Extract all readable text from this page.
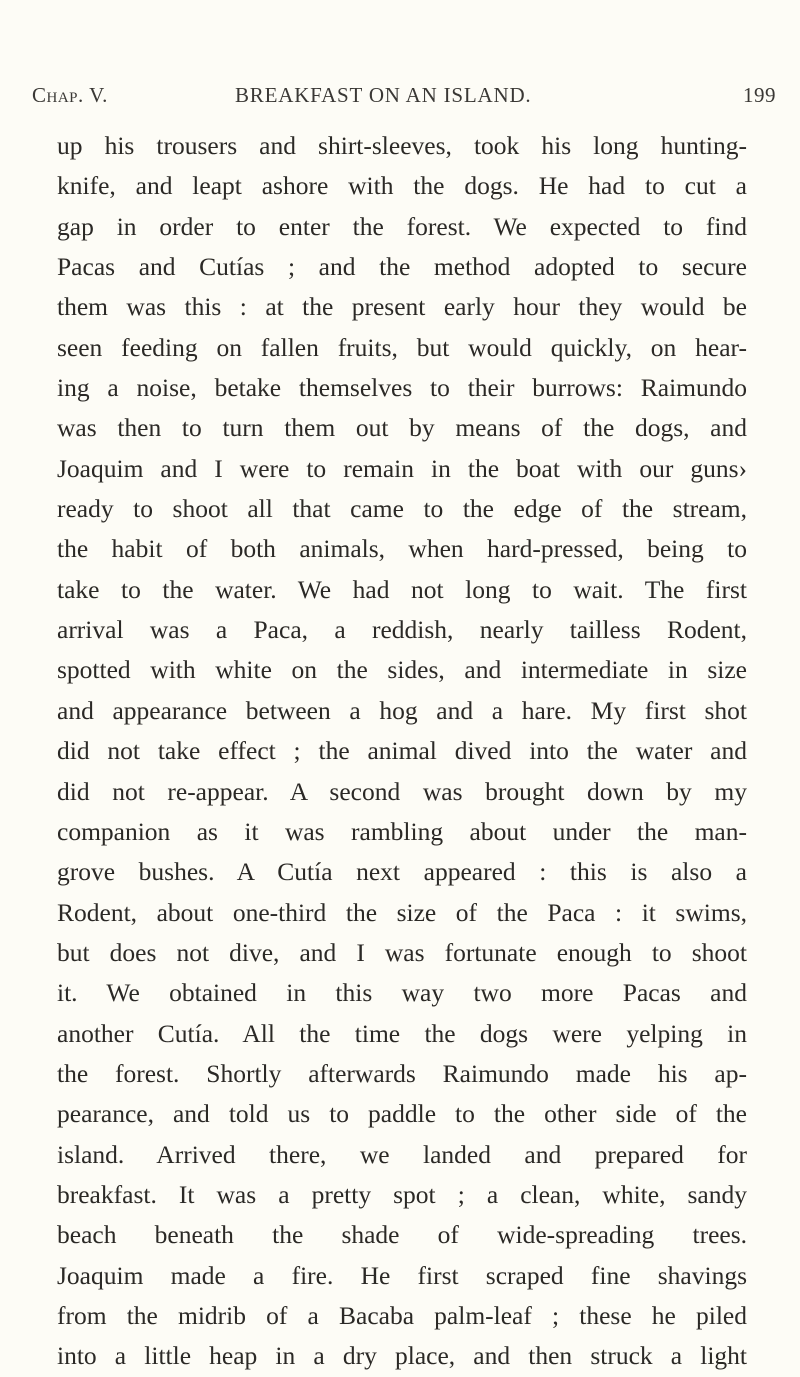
Chap. V.	BREAKFAST ON AN ISLAND.	199
up his trousers and shirt-sleeves, took his long hunting-
knife, and leapt ashore with the dogs. He had to cut a
gap in order to enter the forest. We expected to find
Pacas and Cutías ; and the method adopted to secure
them was this : at the present early hour they would be
seen feeding on fallen fruits, but would quickly, on hear-
ing a noise, betake themselves to their burrows: Raimundo
was then to turn them out by means of the dogs, and
Joaquim and I were to remain in the boat with our guns›
ready to shoot all that came to the edge of the stream,
the habit of both animals, when hard-pressed, being to
take to the water. We had not long to wait. The first
arrival was a Paca, a reddish, nearly tailless Rodent,
spotted with white on the sides, and intermediate in size
and appearance between a hog and a hare. My first shot
did not take effect ; the animal dived into the water and
did not re-appear. A second was brought down by my
companion as it was rambling about under the man-
grove bushes. A Cutía next appeared : this is also a
Rodent, about one-third the size of the Paca : it swims,
but does not dive, and I was fortunate enough to shoot
it. We obtained in this way two more Pacas and
another Cutía. All the time the dogs were yelping in
the forest. Shortly afterwards Raimundo made his ap-
pearance, and told us to paddle to the other side of the
island. Arrived there, we landed and prepared for
breakfast. It was a pretty spot ; a clean, white, sandy
beach beneath the shade of wide-spreading trees.
Joaquim made a fire. He first scraped fine shavings
from the midrib of a Bacaba palm-leaf ; these he piled
into a little heap in a dry place, and then struck a light
